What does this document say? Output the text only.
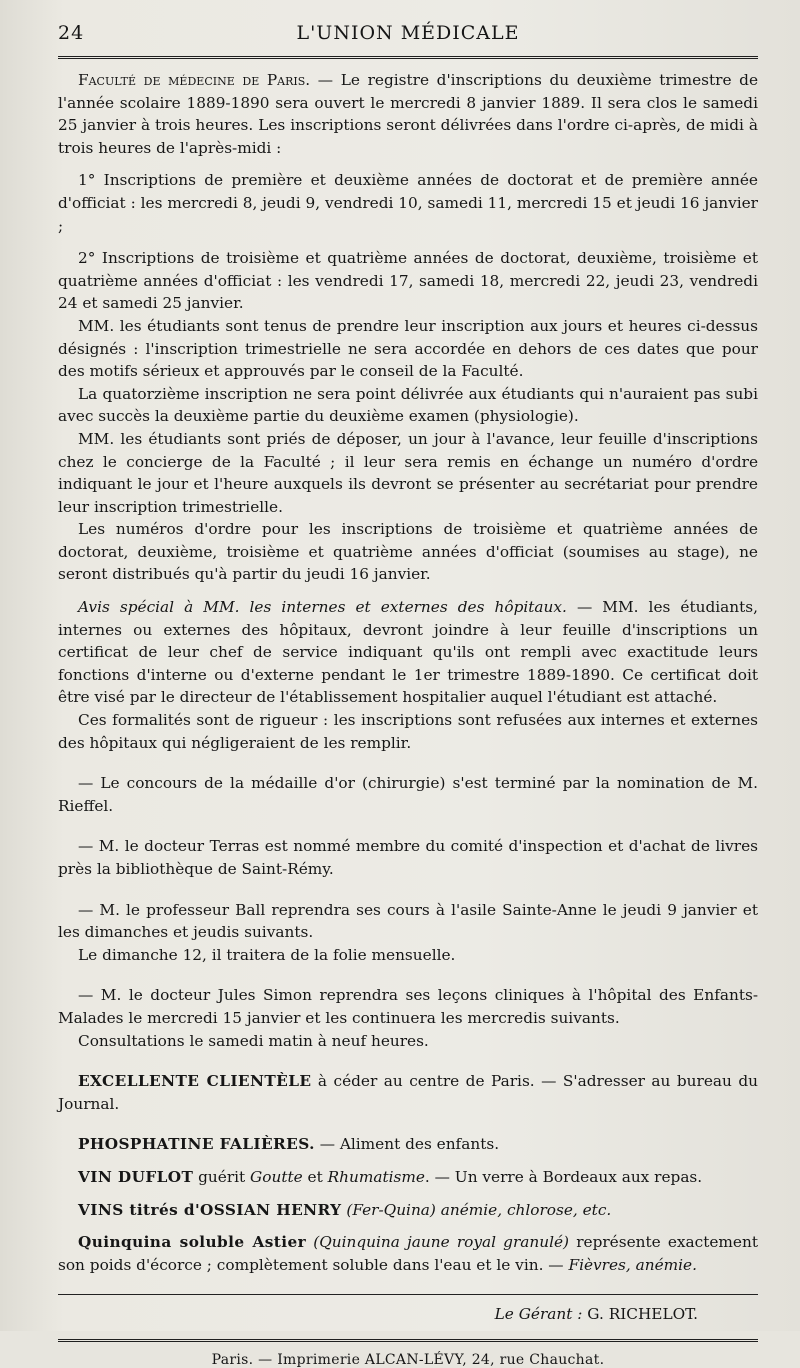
24	L'UNION MÉDICALE

Faculté de médecine de Paris. — Le registre d'inscriptions du deuxième trimestre de l'année scolaire 1889-1890 sera ouvert le mercredi 8 janvier 1889. Il sera clos le samedi 25 janvier à trois heures. Les inscriptions seront délivrées dans l'ordre ci-après, de midi à trois heures de l'après-midi :

1° Inscriptions de première et deuxième années de doctorat et de première année d'officiat : les mercredi 8, jeudi 9, vendredi 10, samedi 11, mercredi 15 et jeudi 16 janvier ;

2° Inscriptions de troisième et quatrième années de doctorat, deuxième, troisième et quatrième années d'officiat : les vendredi 17, samedi 18, mercredi 22, jeudi 23, vendredi 24 et samedi 25 janvier.

MM. les étudiants sont tenus de prendre leur inscription aux jours et heures ci-dessus désignés : l'inscription trimestrielle ne sera accordée en dehors de ces dates que pour des motifs sérieux et approuvés par le conseil de la Faculté.

La quatorzième inscription ne sera point délivrée aux étudiants qui n'auraient pas subi avec succès la deuxième partie du deuxième examen (physiologie).

MM. les étudiants sont priés de déposer, un jour à l'avance, leur feuille d'inscriptions chez le concierge de la Faculté ; il leur sera remis en échange un numéro d'ordre indiquant le jour et l'heure auxquels ils devront se présenter au secrétariat pour prendre leur inscription trimestrielle.

Les numéros d'ordre pour les inscriptions de troisième et quatrième années de doctorat, deuxième, troisième et quatrième années d'officiat (soumises au stage), ne seront distribués qu'à partir du jeudi 16 janvier.

Avis spécial à MM. les internes et externes des hôpitaux. — MM. les étudiants, internes ou externes des hôpitaux, devront joindre à leur feuille d'inscriptions un certificat de leur chef de service indiquant qu'ils ont rempli avec exactitude leurs fonctions d'interne ou d'externe pendant le 1er trimestre 1889-1890. Ce certificat doit être visé par le directeur de l'établissement hospitalier auquel l'étudiant est attaché.

Ces formalités sont de rigueur : les inscriptions sont refusées aux internes et externes des hôpitaux qui négligeraient de les remplir.

— Le concours de la médaille d'or (chirurgie) s'est terminé par la nomination de M. Rieffel.

— M. le docteur Terras est nommé membre du comité d'inspection et d'achat de livres près la bibliothèque de Saint-Rémy.

— M. le professeur Ball reprendra ses cours à l'asile Sainte-Anne le jeudi 9 janvier et les dimanches et jeudis suivants.

Le dimanche 12, il traitera de la folie mensuelle.

— M. le docteur Jules Simon reprendra ses leçons cliniques à l'hôpital des Enfants-Malades le mercredi 15 janvier et les continuera les mercredis suivants.

Consultations le samedi matin à neuf heures.

EXCELLENTE CLIENTÈLE à céder au centre de Paris. — S'adresser au bureau du Journal.

PHOSPHATINE FALIÈRES. — Aliment des enfants.

VIN DUFLOT guérit Goutte et Rhumatisme. — Un verre à Bordeaux aux repas.

VINS titrés d'OSSIAN HENRY (Fer-Quina) anémie, chlorose, etc.

Quinquina soluble Astier (Quinquina jaune royal granulé) représente exactement son poids d'écorce ; complètement soluble dans l'eau et le vin. — Fièvres, anémie.

Le Gérant : G. RICHELOT.
Paris. — Imprimerie ALCAN-LÉVY, 24, rue Chauchat.
